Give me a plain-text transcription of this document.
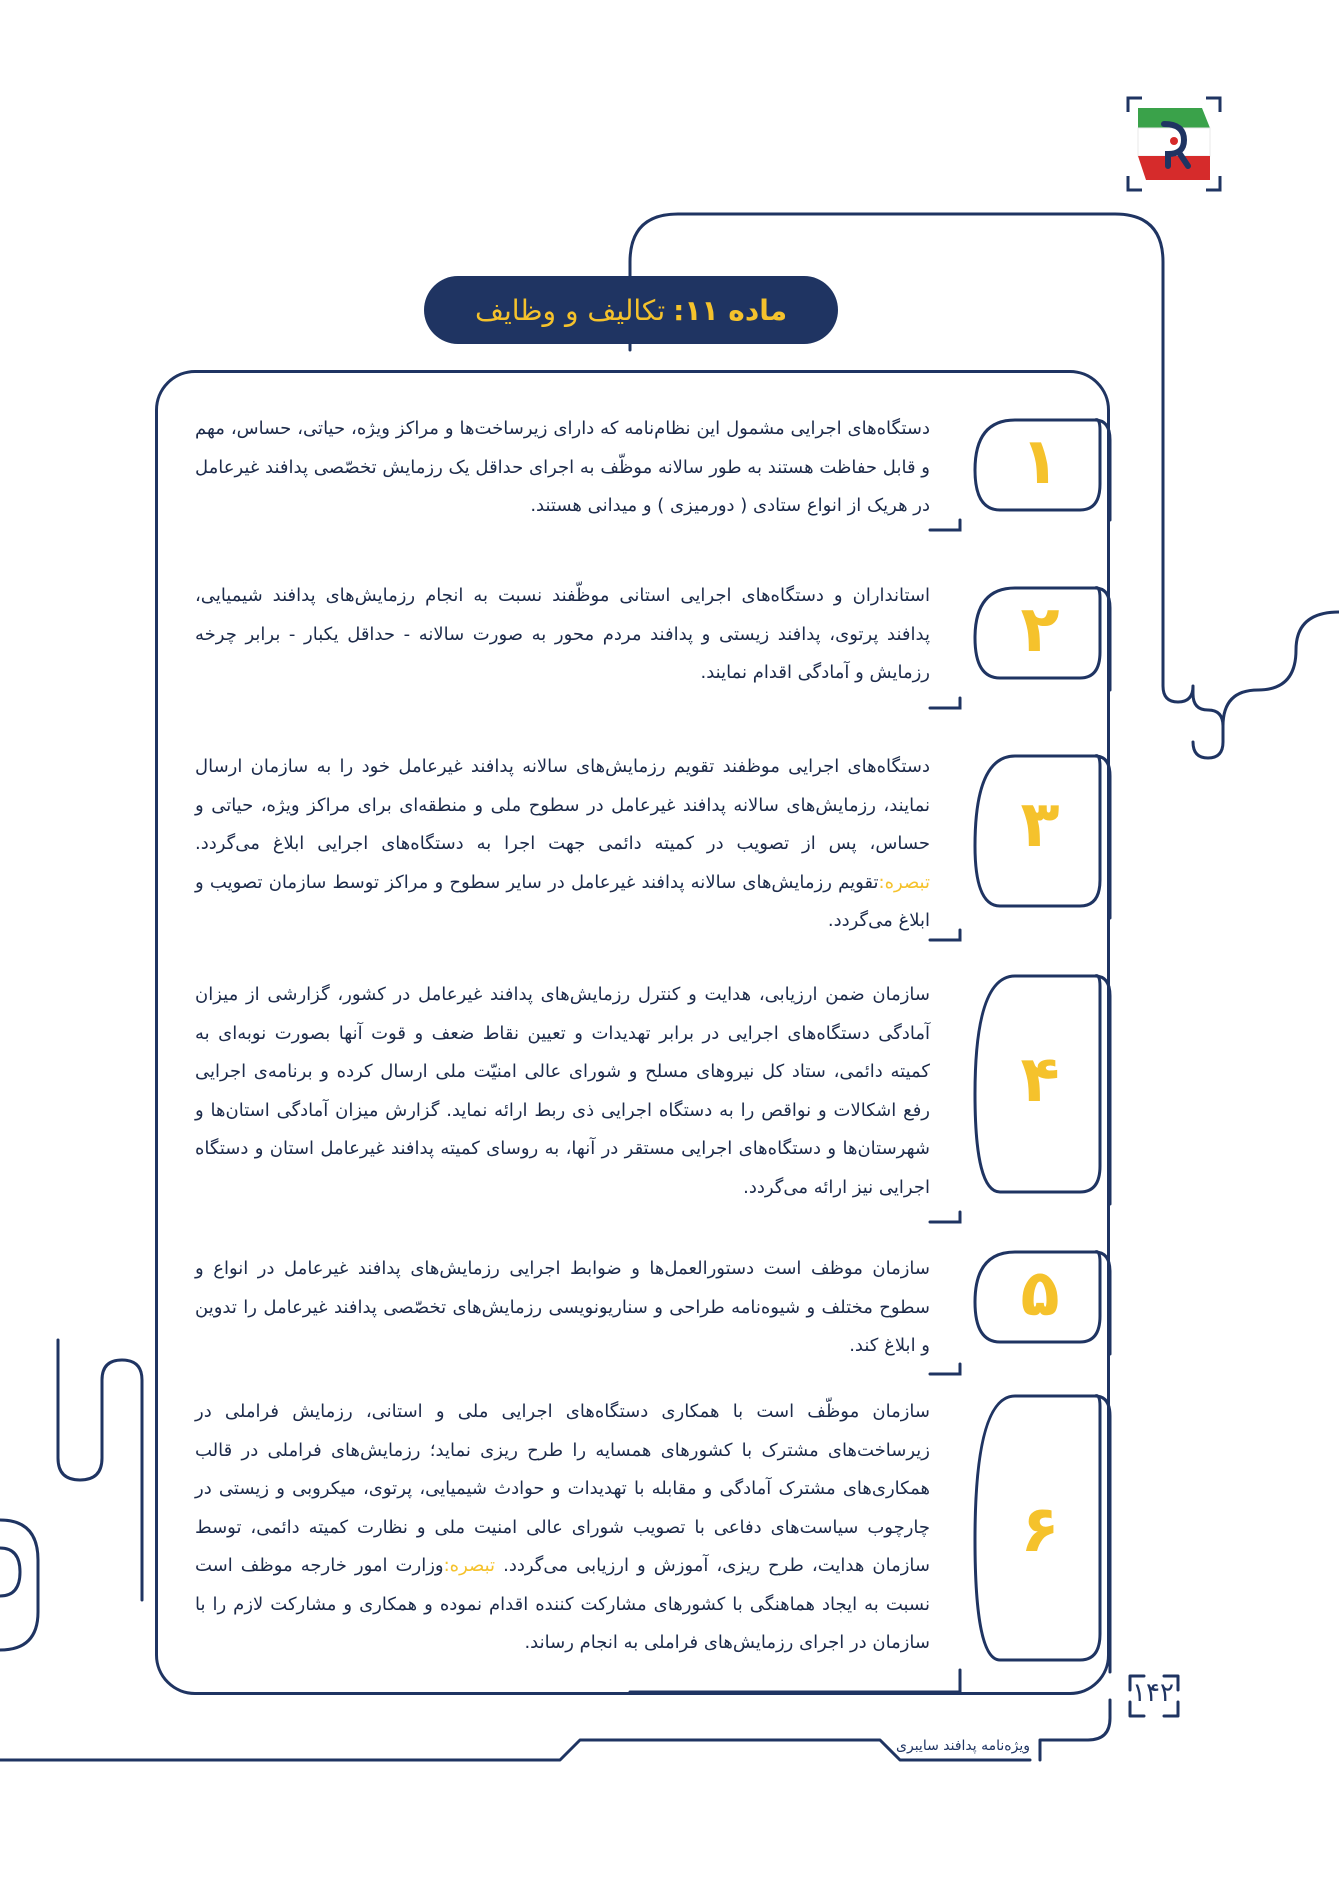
ماده ۱۱:
تکالیف و وظایف
دستگاه‌های اجرایی مشمول این نظام‌نامه که دارای زیرساخت‌ها و مراکز ویژه، حیاتی، حساس، مهم و قابل حفاظت هستند به طور سالانه موظّف به اجرای حداقل یک رزمایش تخصّصی پدافند غیرعامل در هریک از انواع ستادی ( دورمیزی ) و میدانی هستند.
۱
استانداران و دستگاه‌های اجرایی استانی موظّفند نسبت به انجام رزمایش‌های پدافند شیمیایی، پدافند پرتوی، پدافند زیستی و پدافند مردم محور به صورت سالانه - حداقل یکبار - برابر چرخه رزمایش و آمادگی اقدام نمایند.
۲
دستگاه‌های اجرایی موظفند تقویم رزمایش‌های سالانه پدافند غیرعامل خود را به سازمان ارسال نمایند، رزمایش‌های سالانه پدافند غیرعامل در سطوح ملی و منطقه‌ای برای مراکز ویژه، حیاتی و حساس، پس از تصویب در کمیته دائمی جهت اجرا به دستگاه‌های اجرایی ابلاغ می‌گردد. تبصره:تقویم رزمایش‌های سالانه پدافند غیرعامل در سایر سطوح و مراکز توسط سازمان تصویب و ابلاغ می‌گردد.
۳
سازمان ضمن ارزیابی، هدایت و کنترل رزمایش‌های پدافند غیرعامل در کشور، گزارشی از میزان آمادگی دستگاه‌های اجرایی در برابر تهدیدات و تعیین نقاط ضعف و قوت آنها بصورت نوبه‌ای به کمیته دائمی، ستاد کل نیروهای مسلح و شورای عالی امنیّت ملی ارسال کرده و برنامه‌ی اجرایی رفع اشکالات و نواقص را به دستگاه اجرایی ذی ربط ارائه نماید. گزارش میزان آمادگی استان‌ها و شهرستان‌ها و دستگاه‌های اجرایی مستقر در آنها، به روسای کمیته پدافند غیرعامل استان و دستگاه اجرایی نیز ارائه می‌گردد.
۴
سازمان موظف است دستورالعمل‌ها و ضوابط اجرایی رزمایش‌های پدافند غیرعامل در انواع و سطوح مختلف و شیوه‌نامه طراحی و سناریونویسی رزمایش‌های تخصّصی پدافند غیرعامل را تدوین و ابلاغ کند.
۵
سازمان موظّف است با همکاری دستگاه‌های اجرایی ملی و استانی، رزمایش فراملی در زیرساخت‌های مشترک با کشورهای همسایه را طرح ریزی نماید؛ رزمایش‌های فراملی در قالب همکاری‌های مشترک آمادگی و مقابله با تهدیدات و حوادث شیمیایی، پرتوی، میکروبی و زیستی در چارچوب سیاست‌های دفاعی با تصویب شورای عالی امنیت ملی و نظارت کمیته دائمی، توسط سازمان هدایت، طرح ریزی، آموزش و ارزیابی می‌گردد. تبصره:وزارت امور خارجه موظف است نسبت به ایجاد هماهنگی با کشورهای مشارکت کننده اقدام نموده و همکاری و مشارکت لازم را با سازمان در اجرای رزمایش‌های فراملی به انجام رساند.
۶
۱۴۲
ویژه‌نامه پدافند سایبری
